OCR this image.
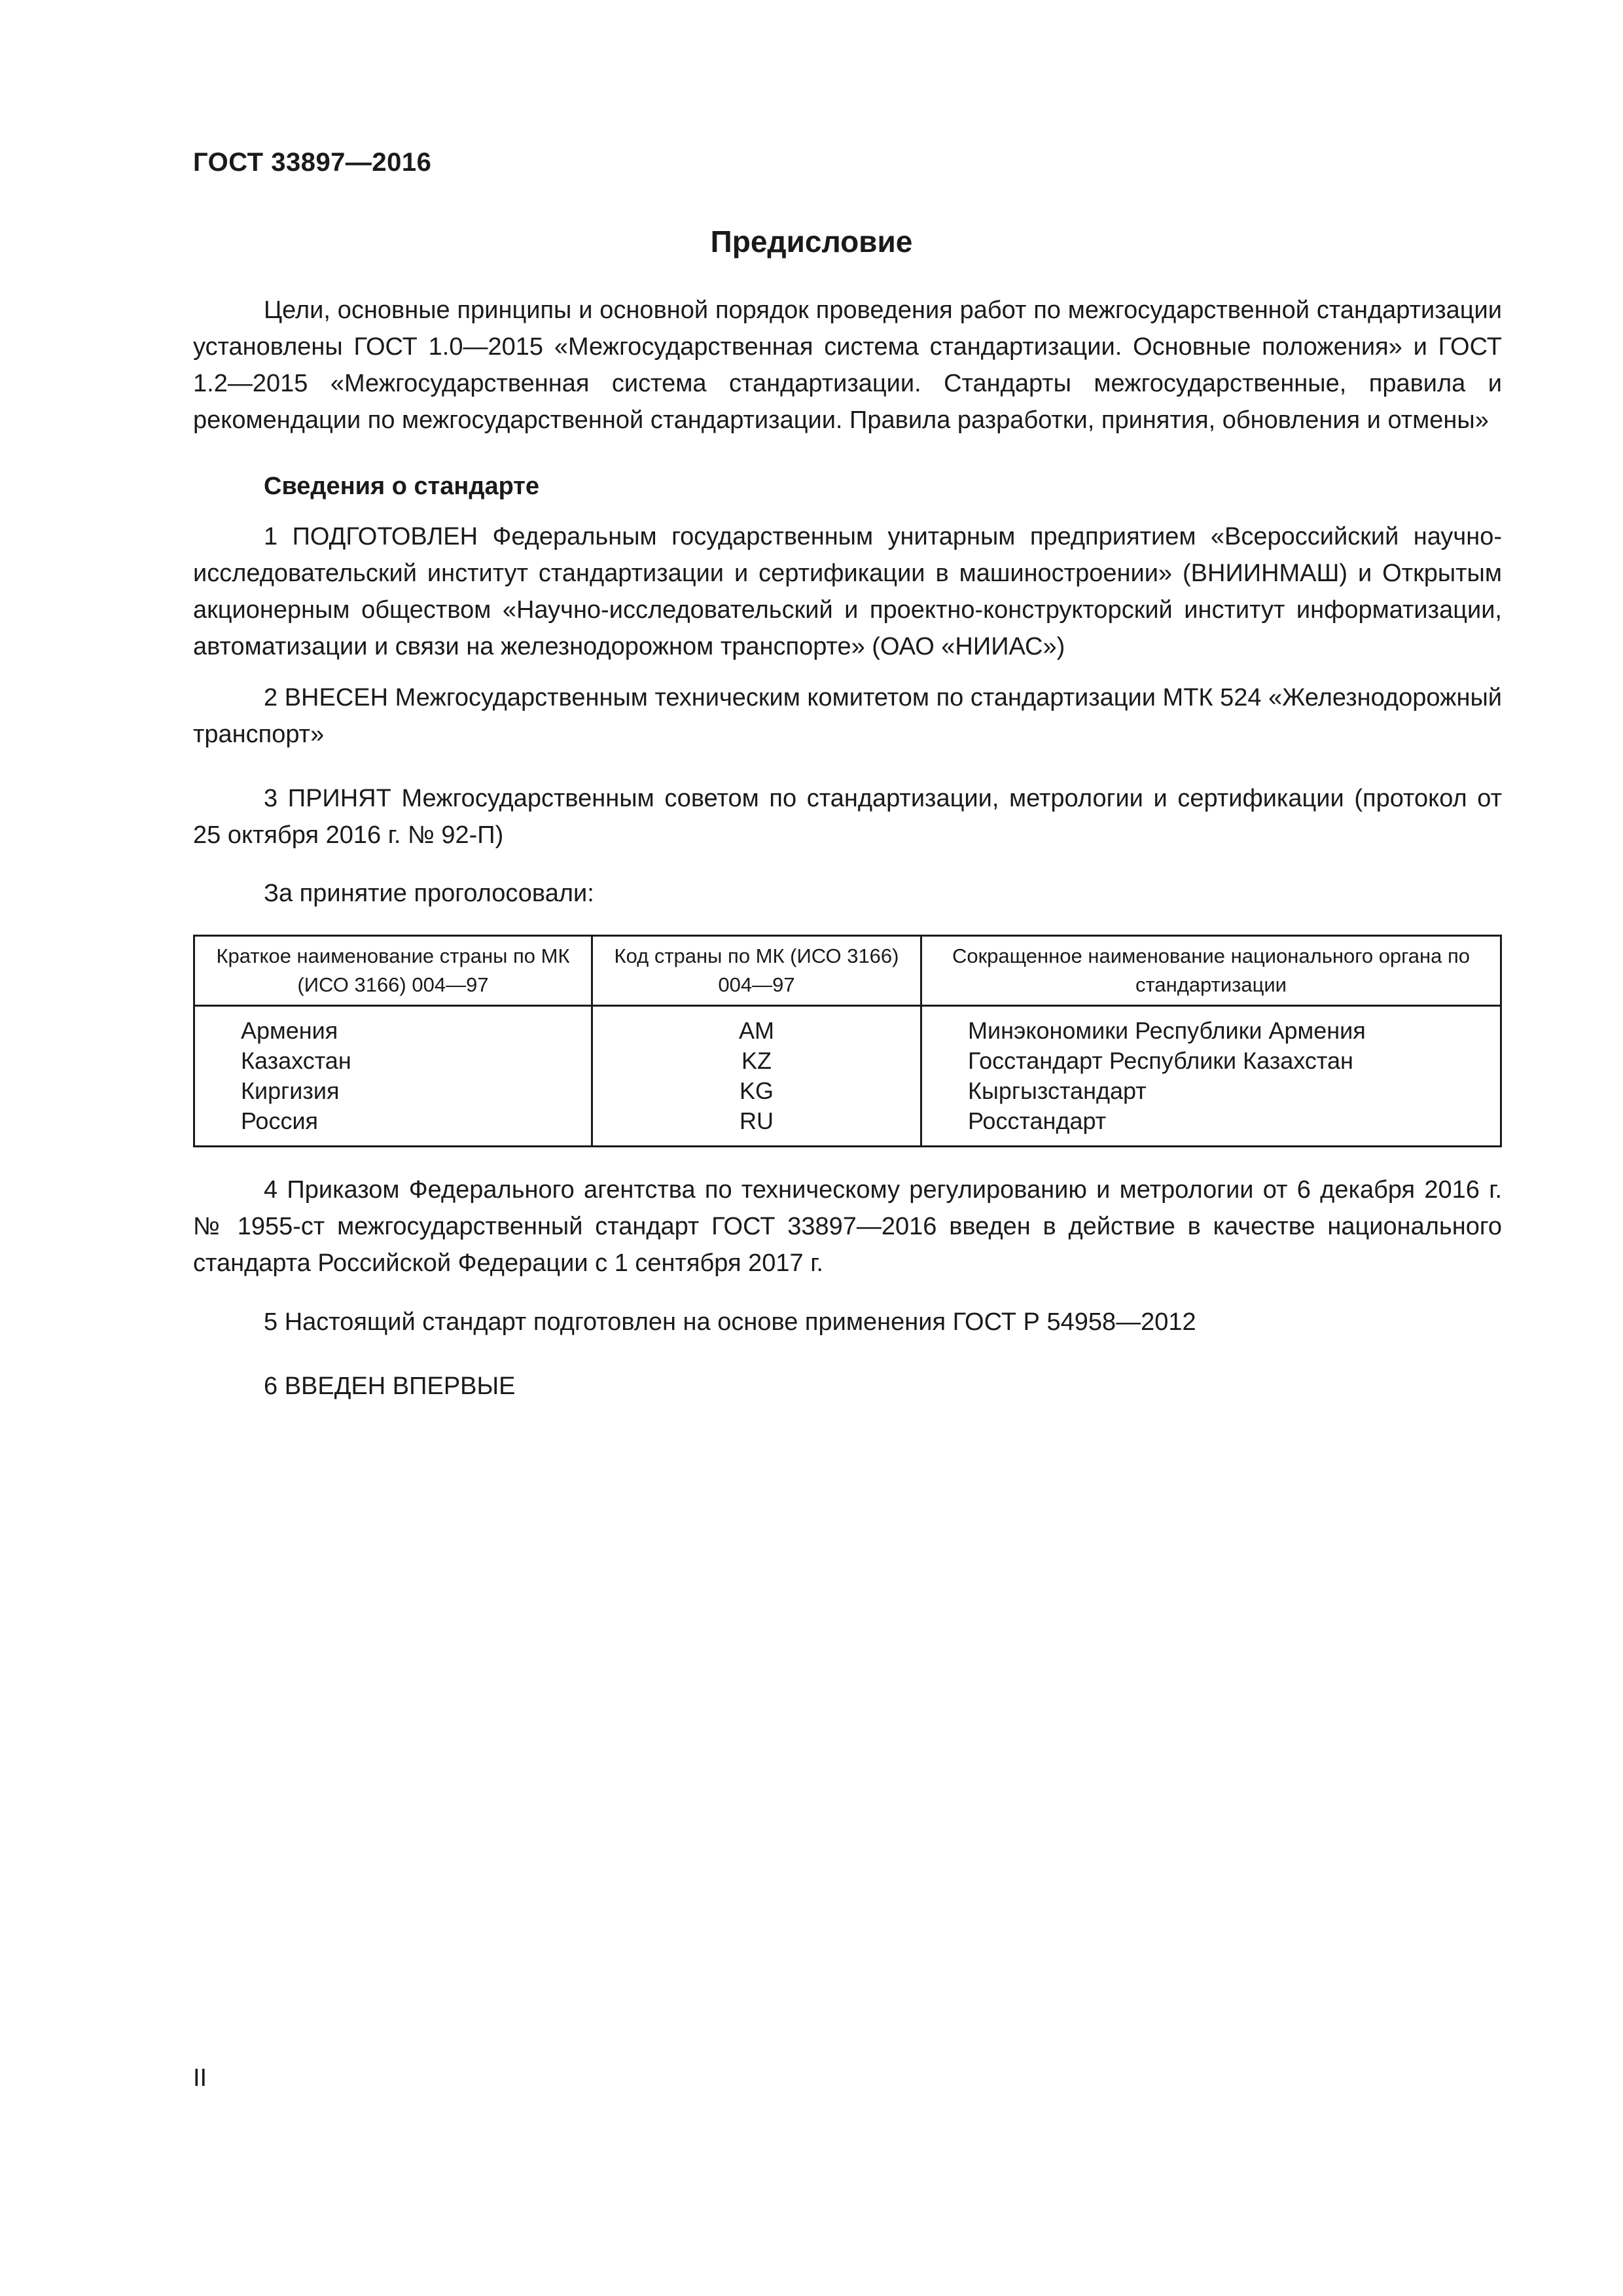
ГОСТ 33897—2016
Предисловие

Цели, основные принципы и основной порядок проведения работ по межгосударственной стандартизации установлены ГОСТ 1.0—2015 «Межгосударственная система стандартизации. Основные положения» и ГОСТ 1.2—2015 «Межгосударственная система стандартизации. Стандарты межгосударственные, правила и рекомендации по межгосударственной стандартизации. Правила разработки, принятия, обновления и отмены»

Сведения о стандарте

1 ПОДГОТОВЛЕН Федеральным государственным унитарным предприятием «Всероссийский научно-исследовательский институт стандартизации и сертификации в машиностроении» (ВНИИНМАШ) и Открытым акционерным обществом «Научно-исследовательский и проектно-конструкторский институт информатизации, автоматизации и связи на железнодорожном транспорте» (ОАО «НИИАС»)

2 ВНЕСЕН Межгосударственным техническим комитетом по стандартизации МТК 524 «Железнодорожный транспорт»

3 ПРИНЯТ Межгосударственным советом по стандартизации, метрологии и сертификации (протокол от 25 октября 2016 г. № 92-П)

За принятие проголосовали:

Краткое наименование страны по МК (ИСО 3166) 004—97	Код страны по МК (ИСО 3166) 004—97	Сокращенное наименование национального органа по стандартизации
Армения	AM	Минэкономики Республики Армения
Казахстан	KZ	Госстандарт Республики Казахстан
Киргизия	KG	Кыргызстандарт
Россия	RU	Росстандарт

4 Приказом Федерального агентства по техническому регулированию и метрологии от 6 декабря 2016 г. № 1955-ст межгосударственный стандарт ГОСТ 33897—2016 введен в действие в качестве национального стандарта Российской Федерации с 1 сентября 2017 г.

5 Настоящий стандарт подготовлен на основе применения ГОСТ Р 54958—2012

6 ВВЕДЕН ВПЕРВЫЕ

II
